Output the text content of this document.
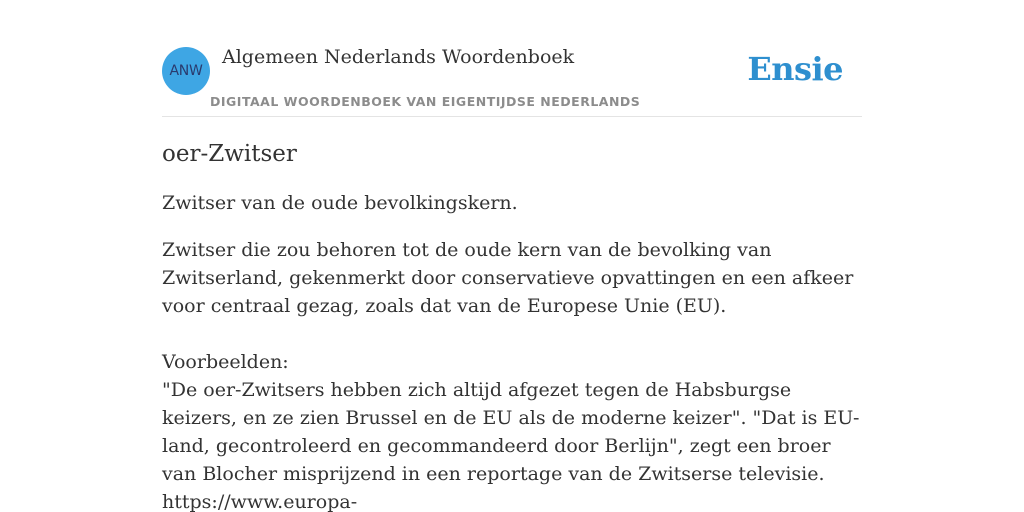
ANW
Algemeen Nederlands Woordenboek
DIGITAAL WOORDENBOEK VAN EIGENTIJDSE NEDERLANDS
Ensie
oer-Zwitser

Zwitser van de oude bevolkingskern.

Zwitser die zou behoren tot de oude kern van de bevolking van Zwitserland, gekenmerkt door conservatieve opvattingen en een afkeer voor centraal gezag, zoals dat van de Europese Unie (EU).

Voorbeelden:

"De oer-Zwitsers hebben zich altijd afgezet tegen de Habsburgse keizers, en ze zien Brussel en de EU als de moderne keizer". "Dat is EU-land, gecontroleerd en gecommandeerd door Berlijn", zegt een broer van Blocher misprijzend in een reportage van de Zwitserse televisie.

https://www.europa-
